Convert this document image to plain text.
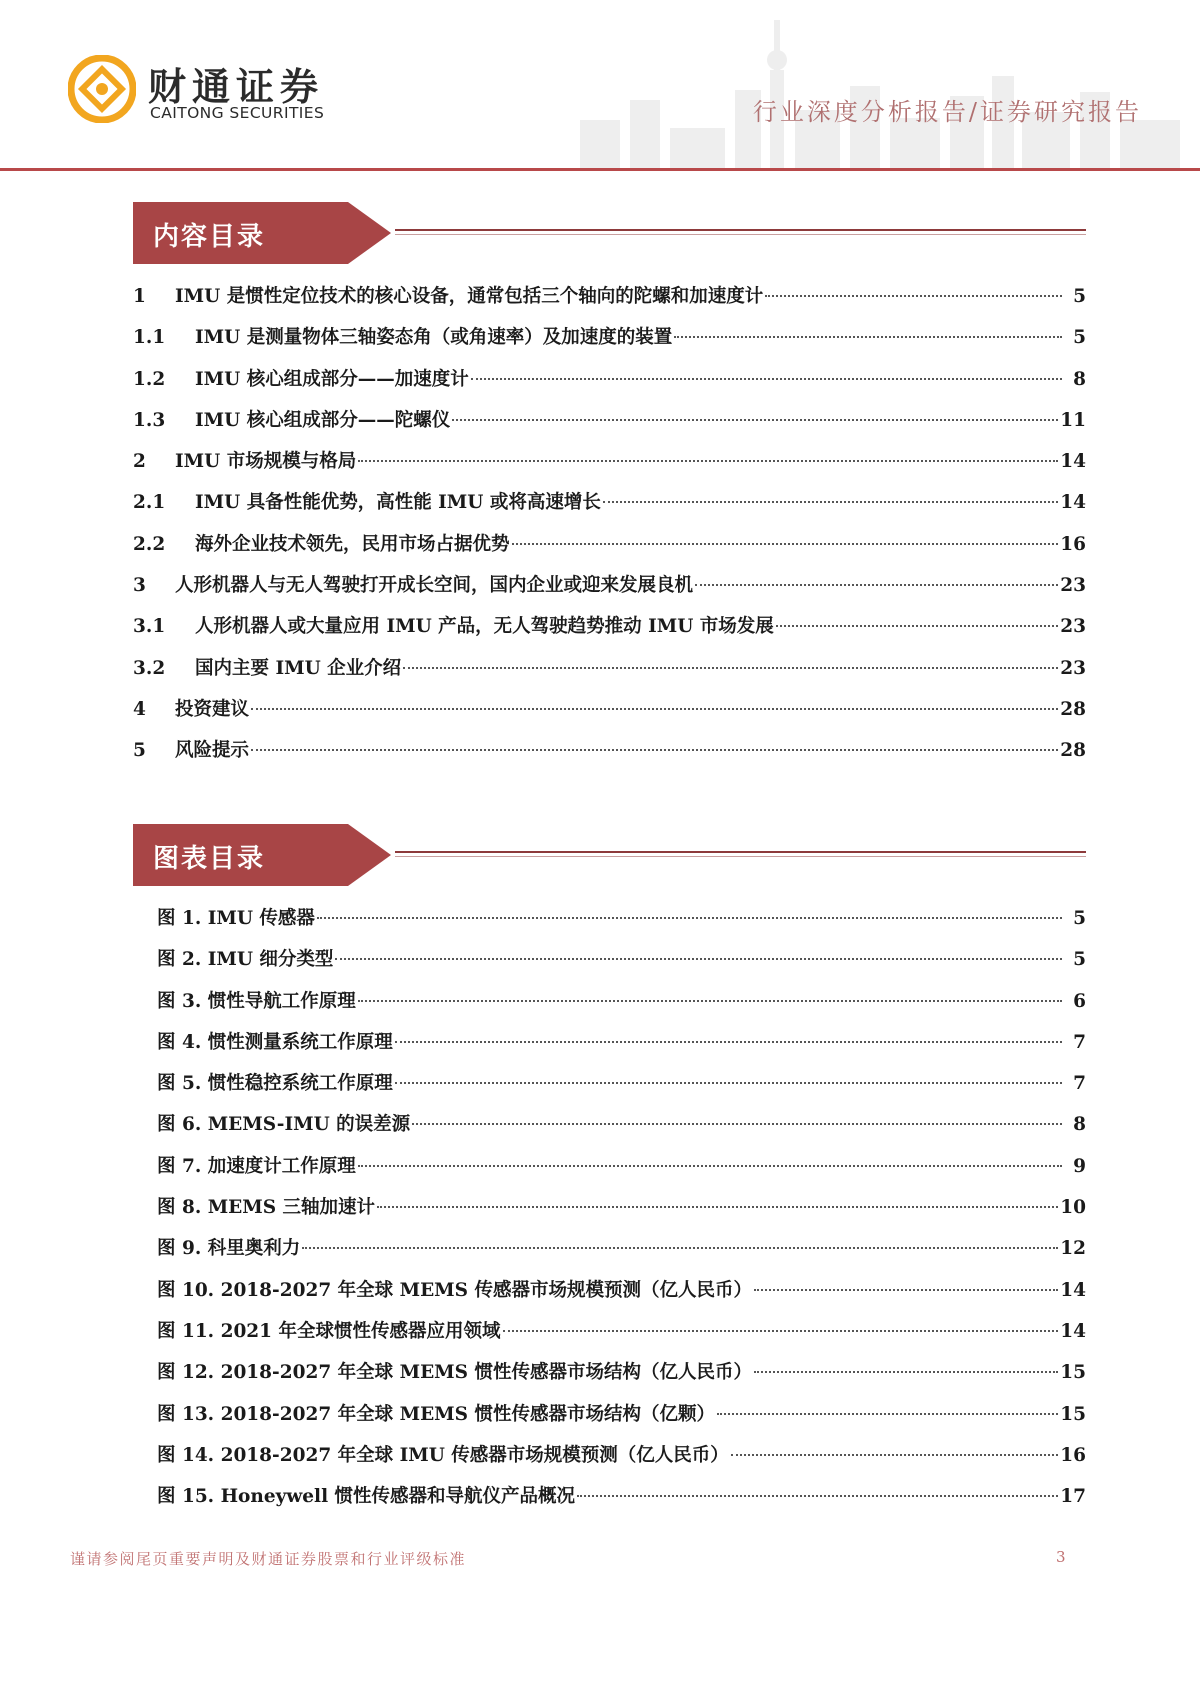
财通证券
CAITONG SECURITIES	行业深度分析报告/证券研究报告
内容目录
1	IMU 是惯性定位技术的核心设备，通常包括三个轴向的陀螺和加速度计	5
1.1	IMU 是测量物体三轴姿态角（或角速率）及加速度的装置	5
1.2	IMU 核心组成部分——加速度计	8
1.3	IMU 核心组成部分——陀螺仪	11
2	IMU 市场规模与格局	14
2.1	IMU 具备性能优势，高性能 IMU 或将高速增长	14
2.2	海外企业技术领先，民用市场占据优势	16
3	人形机器人与无人驾驶打开成长空间，国内企业或迎来发展良机	23
3.1	人形机器人或大量应用 IMU 产品，无人驾驶趋势推动 IMU 市场发展	23
3.2	国内主要 IMU 企业介绍	23
4	投资建议	28
5	风险提示	28
图表目录
图 1. IMU 传感器	5
图 2. IMU 细分类型	5
图 3. 惯性导航工作原理	6
图 4. 惯性测量系统工作原理	7
图 5. 惯性稳控系统工作原理	7
图 6. MEMS-IMU 的误差源	8
图 7. 加速度计工作原理	9
图 8. MEMS 三轴加速计	10
图 9. 科里奥利力	12
图 10. 2018-2027 年全球 MEMS 传感器市场规模预测（亿人民币）	14
图 11. 2021 年全球惯性传感器应用领域	14
图 12. 2018-2027 年全球 MEMS 惯性传感器市场结构（亿人民币）	15
图 13. 2018-2027 年全球 MEMS 惯性传感器市场结构（亿颗）	15
图 14. 2018-2027 年全球 IMU 传感器市场规模预测（亿人民币）	16
图 15. Honeywell 惯性传感器和导航仪产品概况	17
谨请参阅尾页重要声明及财通证券股票和行业评级标准	3
